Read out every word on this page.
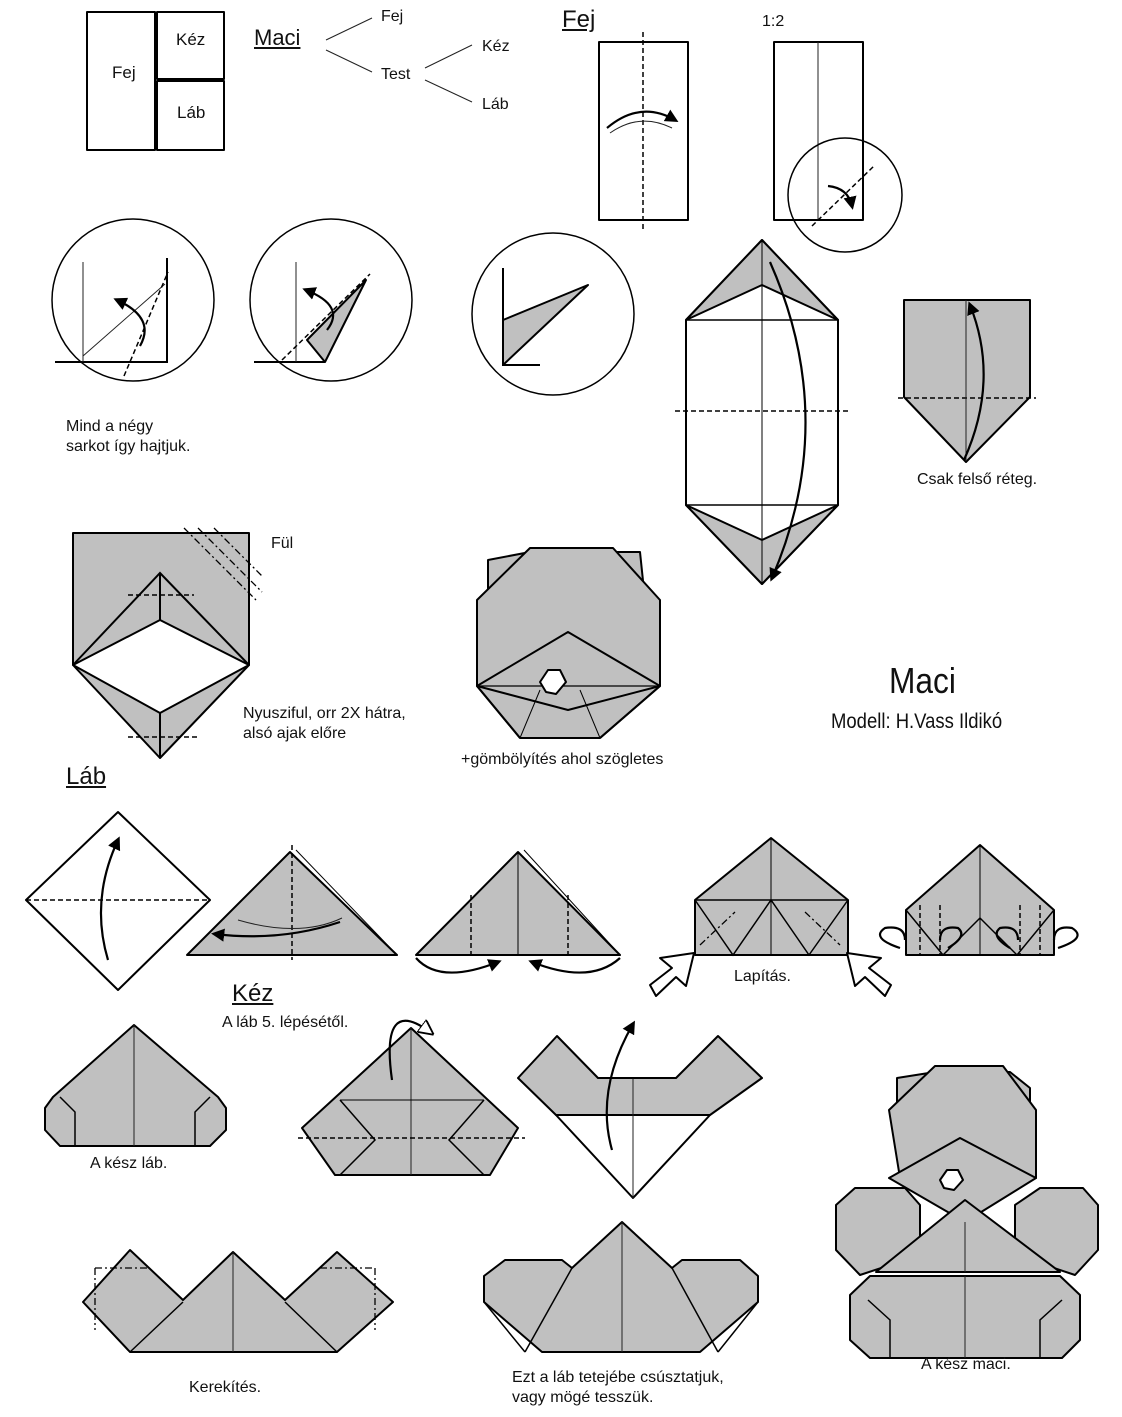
Fej
Kéz
Láb
Maci
Fej
Test
Kéz
Láb
Fej	1:2
Mind a négy
sarkot így hajtjuk.
Csak felső réteg.
Fül
Nyusziful, orr 2X hátra,
alsó ajak előre
+gömbölyítés ahol szögletes
Maci
Modell: H.Vass Ildikó
Láb
Lapítás.
Kéz
A láb 5. lépésétől.
A kész láb.
Kerekítés.
Ezt a láb tetejébe csúsztatjuk,
vagy mögé tesszük.
A kész maci.
